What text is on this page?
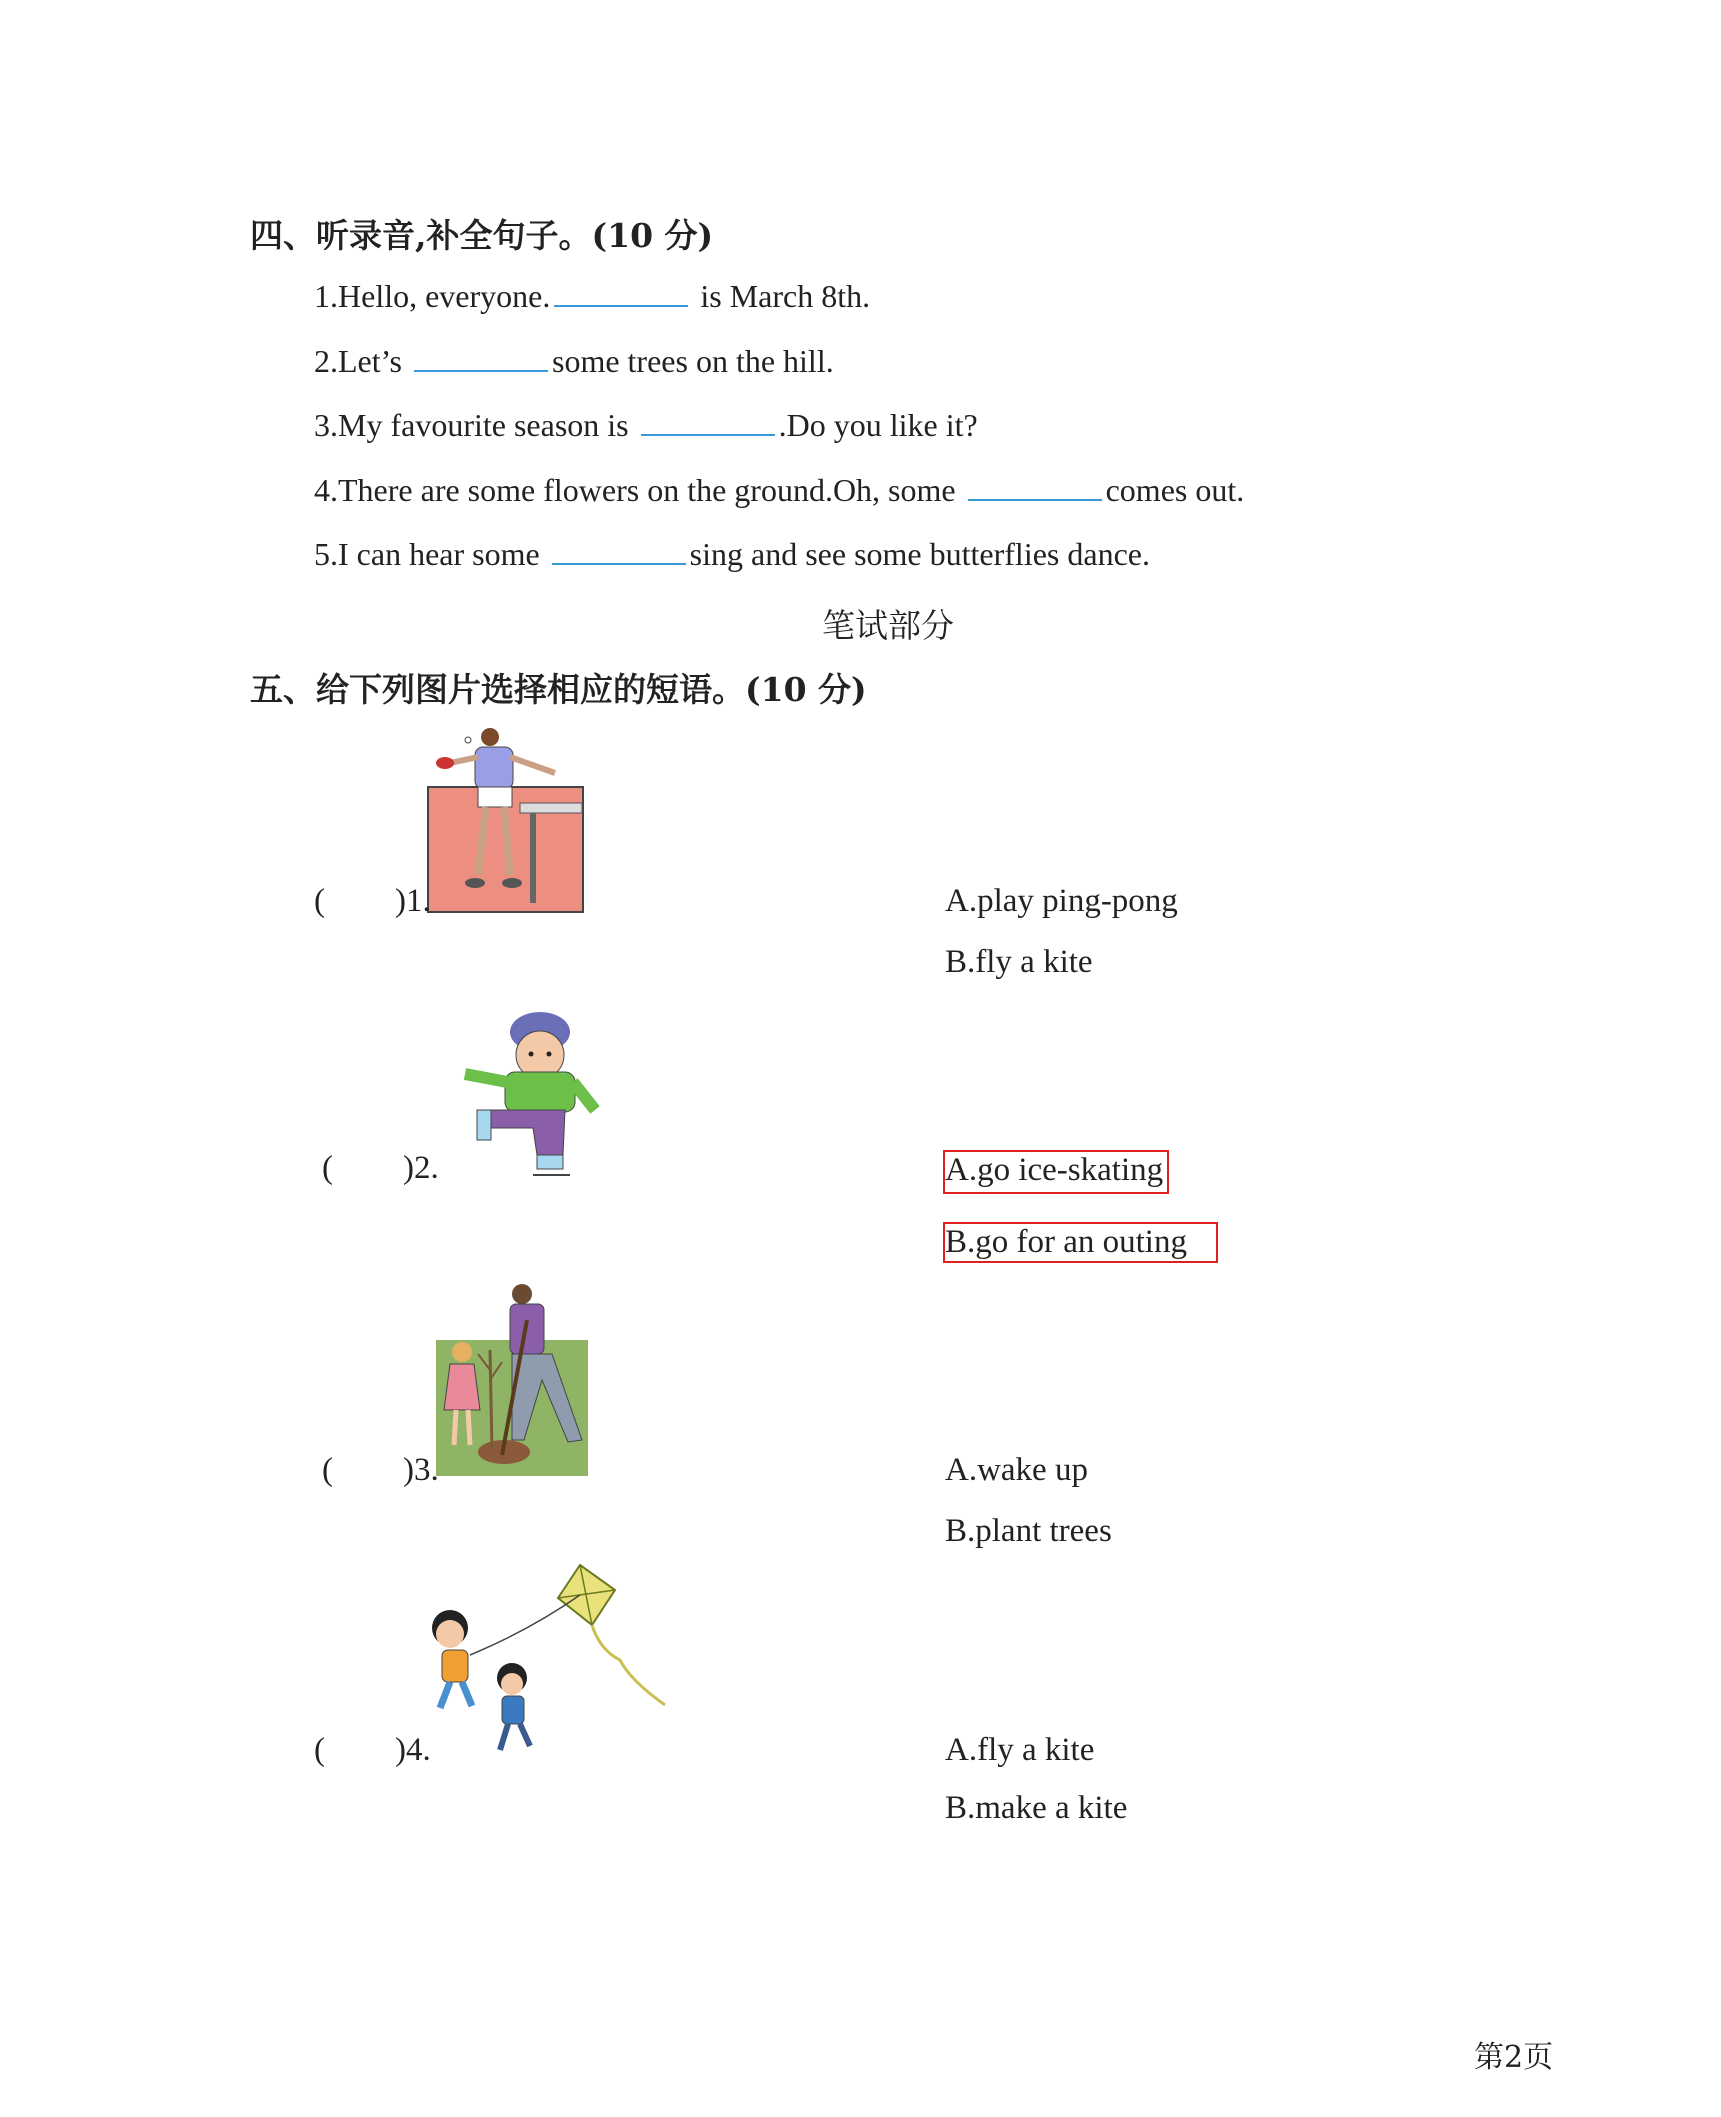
四、听录音,补全句子。(10 分)
1.Hello, everyone.	is March 8th.
2.Let’s	some trees on the hill.
3.My favourite season is	.Do you like it?
4.There are some flowers on the ground.Oh, some	comes out.
5.I can hear some	sing and see some butterflies dance.
笔试部分
五、给下列图片选择相应的短语。(10 分)
( )1.	A.play ping-pong
B.fly a kite
( )2.	A.go ice-skating
B.go for an outing
( )3.	A.wake up
B.plant trees
( )4.	A.fly a kite
B.make a kite
第2页
